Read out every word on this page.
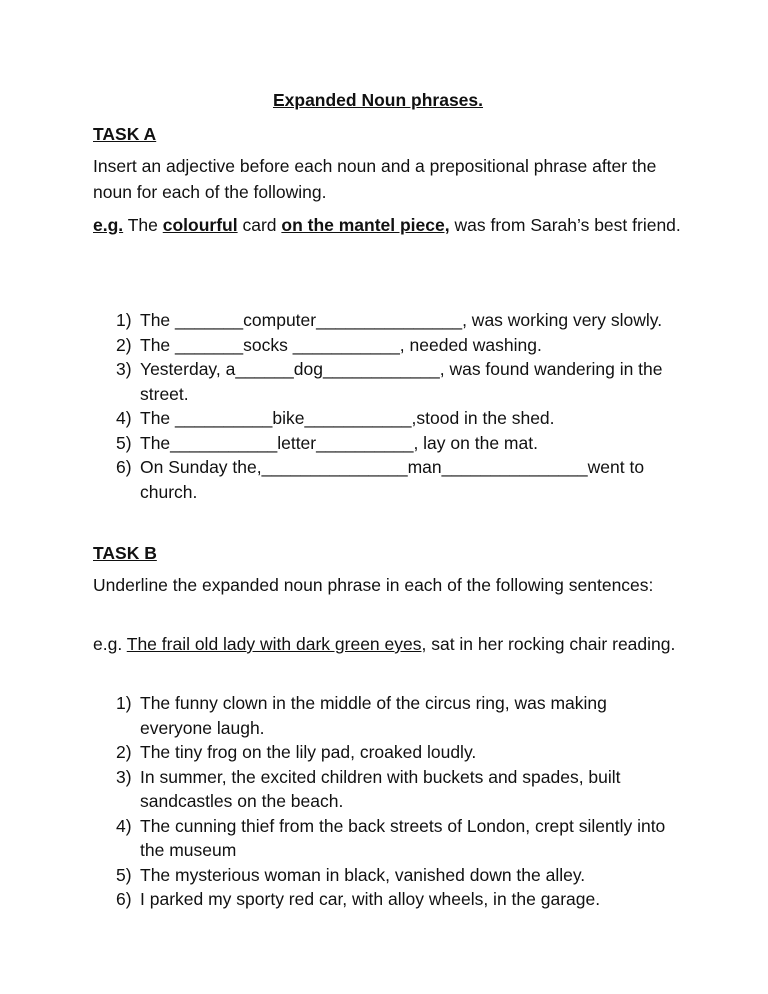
Expanded Noun phrases.
TASK A
Insert an adjective before each noun and a prepositional phrase after the noun for each of the following.
e.g. The colourful card on the mantel piece, was from Sarah’s best friend.
1) The _______computer_______________, was working very slowly.
2) The _______socks ___________, needed washing.
3) Yesterday, a______dog____________, was found wandering in the street.
4) The __________bike___________,stood in the shed.
5) The___________letter__________, lay on the mat.
6) On Sunday the,_______________man_______________went to church.
TASK B
Underline the expanded noun phrase in each of the following sentences:
e.g. The frail old lady with dark green eyes, sat in her rocking chair reading.
1) The funny clown in the middle of the circus ring, was making everyone laugh.
2) The tiny frog on the lily pad, croaked loudly.
3) In summer, the excited children with buckets and spades, built sandcastles on the beach.
4) The cunning thief from the back streets of London, crept silently into the museum
5) The mysterious woman in black, vanished down the alley.
6) I parked my sporty red car, with alloy wheels, in the garage.
